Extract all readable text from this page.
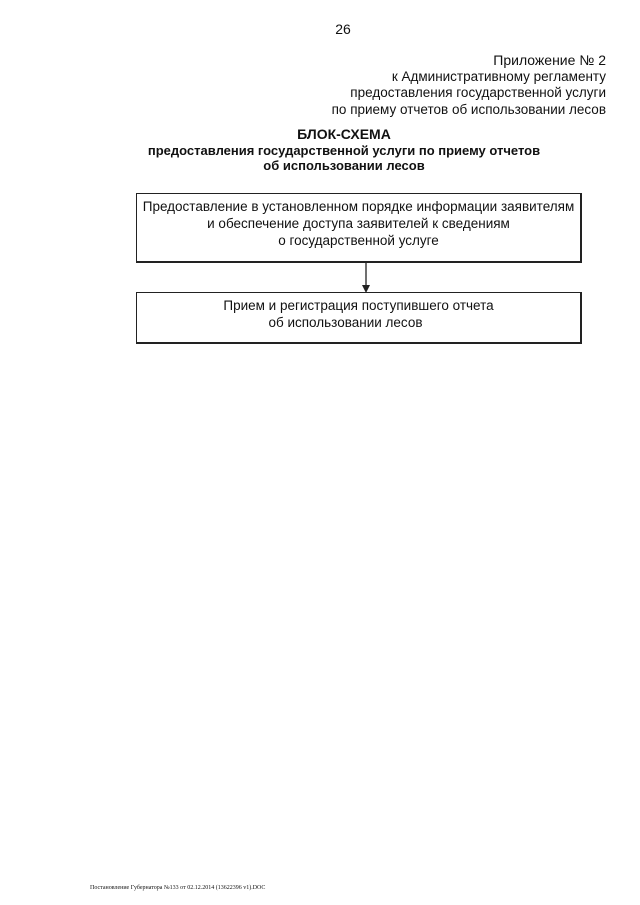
26
Приложение № 2
к Административному регламенту
предоставления государственной услуги
по приему отчетов об использовании лесов
БЛОК-СХЕМА
предоставления государственной услуги по приему отчетов
об использовании лесов
Предоставление в установленном порядке информации заявителям
и обеспечение доступа заявителей к сведениям
о государственной услуге
Прием и регистрация поступившего отчета
об использовании лесов
Постановление Губернатора №133 от 02.12.2014 (13622396 v1).DOC
